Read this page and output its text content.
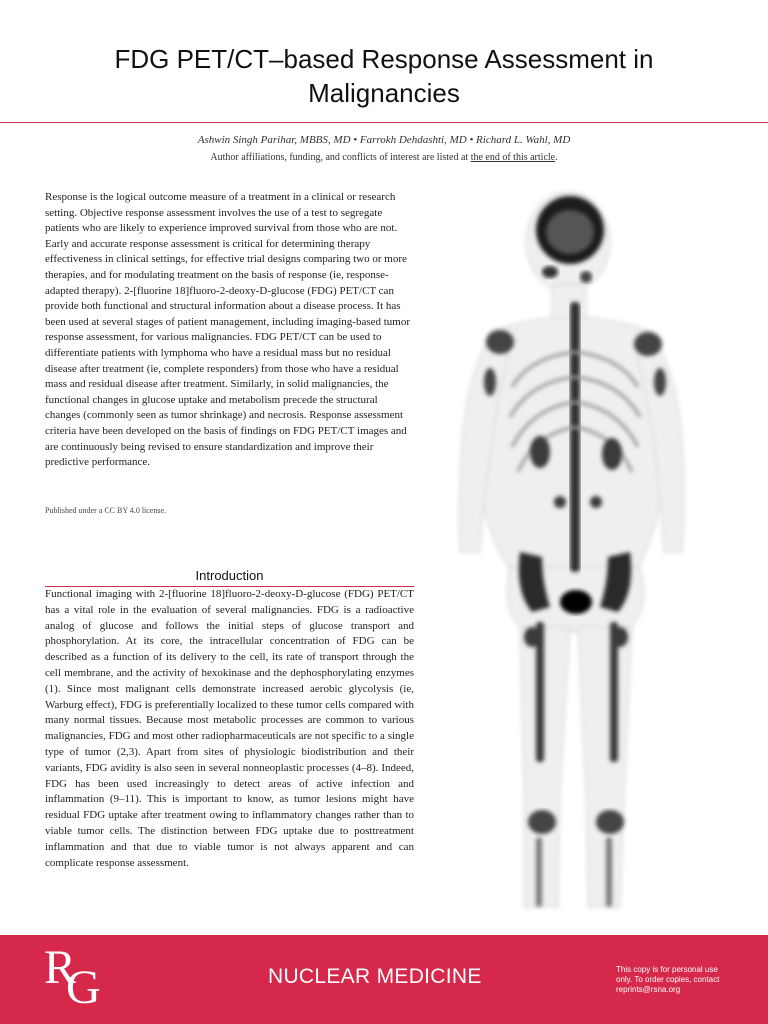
FDG PET/CT–based Response Assessment in Malignancies
Ashwin Singh Parihar, MBBS, MD • Farrokh Dehdashti, MD • Richard L. Wahl, MD
Author affiliations, funding, and conflicts of interest are listed at the end of this article.

Response is the logical outcome measure of a treatment in a clinical or research setting. Objective response assessment involves the use of a test to segregate patients who are likely to experience improved survival from those who are not. Early and accurate response assessment is critical for determining therapy effectiveness in clinical settings, for effective trial designs comparing two or more therapies, and for modulating treatment on the basis of response (ie, response-adapted therapy). 2-[fluorine 18]fluoro-2-deoxy-D-glucose (FDG) PET/CT can provide both functional and structural information about a disease process. It has been used at several stages of patient management, including imaging-based tumor response assessment, for various malignancies. FDG PET/CT can be used to differentiate patients with lymphoma who have a residual mass but no residual disease after treatment (ie, complete responders) from those who have a residual mass and residual disease after treatment. Similarly, in solid malignancies, the functional changes in glucose uptake and metabolism precede the structural changes (commonly seen as tumor shrinkage) and necrosis. Response assessment criteria have been developed on the basis of findings on FDG PET/CT images and are continuously being revised to ensure standardization and improve their predictive performance.

Published under a CC BY 4.0 license.
Introduction

Functional imaging with 2-[fluorine 18]fluoro-2-deoxy-D-glucose (FDG) PET/CT has a vital role in the evaluation of several malignancies. FDG is a radioactive analog of glucose and follows the initial steps of glucose transport and phosphorylation. At its core, the intracellular concentration of FDG can be described as a function of its delivery to the cell, its rate of transport through the cell membrane, and the activity of hexokinase and the dephosphorylating enzymes (1). Since most malignant cells demonstrate increased aerobic glycolysis (ie, Warburg effect), FDG is preferentially localized to these tumor cells compared with many normal tissues. Because most metabolic processes are common to various malignancies, FDG and most other radiopharmaceuticals are not specific to a single type of tumor (2,3). Apart from sites of physiologic biodistribution and their variants, FDG avidity is also seen in several nonneoplastic processes (4–8). Indeed, FDG has been used increasingly to detect areas of active infection and inflammation (9–11). This is important to know, as tumor lesions might have residual FDG uptake after treatment owing to inflammatory changes rather than to viable tumor cells. The distinction between FDG uptake due to posttreatment inflammation and that due to viable tumor is not always apparent and can complicate response assessment.

R
G	NUCLEAR MEDICINE	This copy is for personal use only. To order copies, contact reprints@rsna.org
